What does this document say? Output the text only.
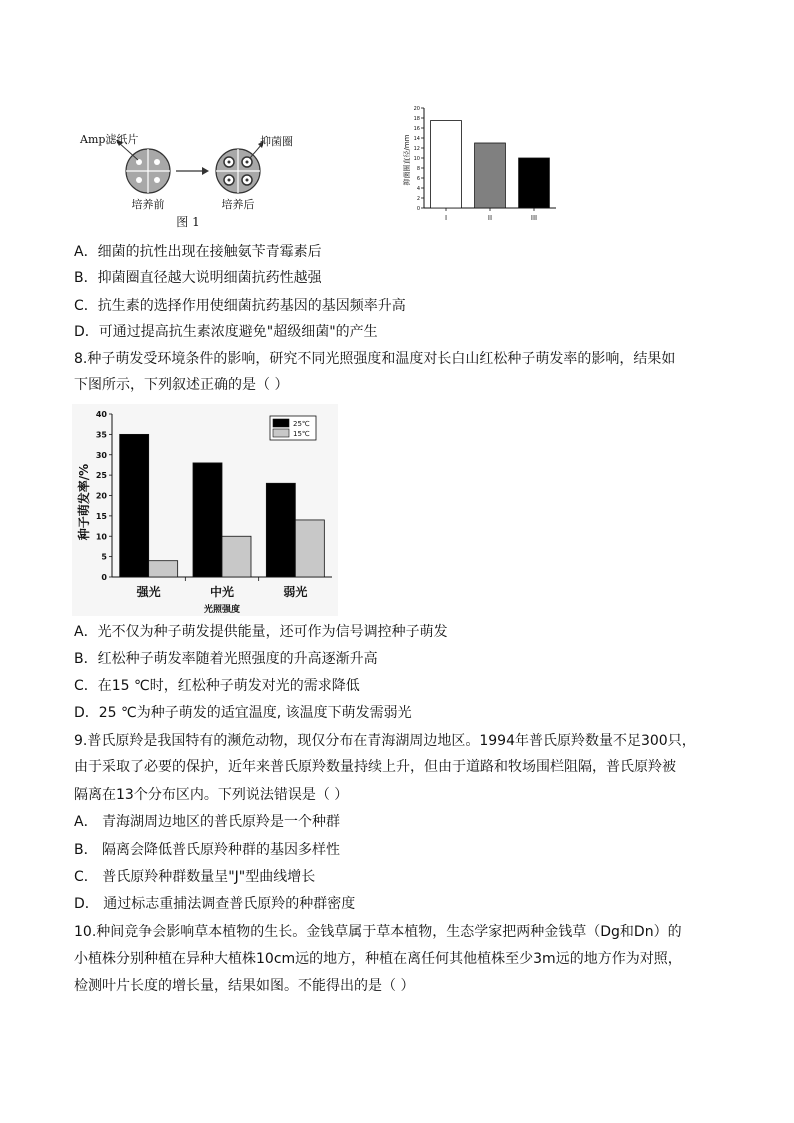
Amp滤纸片	抑菌圈
培养前	培养后
图 1
0
2
4
6
8
10
12
14
16
18
20
I	II	III
抑菌圈直径/mm
A．细菌的抗性出现在接触氨苄青霉素后
B．抑菌圈直径越大说明细菌抗药性越强
C．抗生素的选择作用使细菌抗药基因的基因频率升高
D．可通过提高抗生素浓度避免"超级细菌"的产生
8.种子萌发受环境条件的影响，研究不同光照强度和温度对长白山红松种子萌发率的影响，结果如
下图所示，下列叙述正确的是（ ）
0
5
10
15
20
25
30
35
40
强光	中光	弱光
25℃
15℃
种子萌发率/%
光照强度
A．光不仅为种子萌发提供能量，还可作为信号调控种子萌发
B．红松种子萌发率随着光照强度的升高逐渐升高
C．在15 ℃时，红松种子萌发对光的需求降低
D．25 ℃为种子萌发的适宜温度, 该温度下萌发需弱光
9.普氏原羚是我国特有的濒危动物，现仅分布在青海湖周边地区。1994年普氏原羚数量不足300只，
由于采取了必要的保护，近年来普氏原羚数量持续上升，但由于道路和牧场围栏阻隔，普氏原羚被
隔离在13个分布区内。下列说法错误是（ ）
A． 青海湖周边地区的普氏原羚是一个种群
B． 隔离会降低普氏原羚种群的基因多样性
C． 普氏原羚种群数量呈"J"型曲线增长
D． 通过标志重捕法调查普氏原羚的种群密度
10.种间竞争会影响草本植物的生长。金钱草属于草本植物，生态学家把两种金钱草（Dg和Dn）的
小植株分别种植在异种大植株10cm远的地方，种植在离任何其他植株至少3m远的地方作为对照，
检测叶片长度的增长量，结果如图。不能得出的是（ ）
